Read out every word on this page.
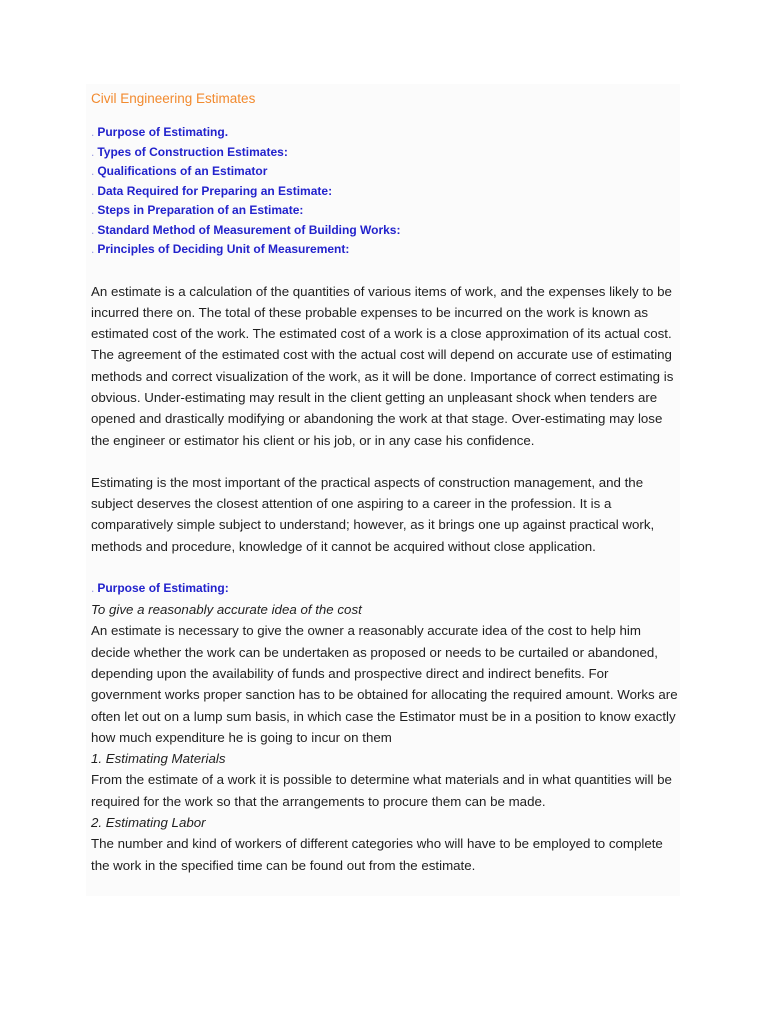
Civil Engineering Estimates
. Purpose of Estimating.
. Types of Construction Estimates:
. Qualifications of an Estimator
. Data Required for Preparing an Estimate:
. Steps in Preparation of an Estimate:
. Standard Method of Measurement of Building Works:
. Principles of Deciding Unit of Measurement:

An estimate is a calculation of the quantities of various items of work, and the expenses likely to be incurred there on. The total of these probable expenses to be incurred on the work is known as estimated cost of the work. The estimated cost of a work is a close approximation of its actual cost. The agreement of the estimated cost with the actual cost will depend on accurate use of estimating methods and correct visualization of the work, as it will be done. Importance of correct estimating is obvious. Under-estimating may result in the client getting an unpleasant shock when tenders are opened and drastically modifying or abandoning the work at that stage. Over-estimating may lose the engineer or estimator his client or his job, or in any case his confidence.

Estimating is the most important of the practical aspects of construction management, and the subject deserves the closest attention of one aspiring to a career in the profession. It is a comparatively simple subject to understand; however, as it brings one up against practical work, methods and procedure, knowledge of it cannot be acquired without close application.

. Purpose of Estimating:
To give a reasonably accurate idea of the cost

An estimate is necessary to give the owner a reasonably accurate idea of the cost to help him decide whether the work can be undertaken as proposed or needs to be curtailed or abandoned, depending upon the availability of funds and prospective direct and indirect benefits. For government works proper sanction has to be obtained for allocating the required amount. Works are often let out on a lump sum basis, in which case the Estimator must be in a position to know exactly how much expenditure he is going to incur on them

1. Estimating Materials

From the estimate of a work it is possible to determine what materials and in what quantities will be required for the work so that the arrangements to procure them can be made.

2. Estimating Labor

The number and kind of workers of different categories who will have to be employed to complete the work in the specified time can be found out from the estimate.
